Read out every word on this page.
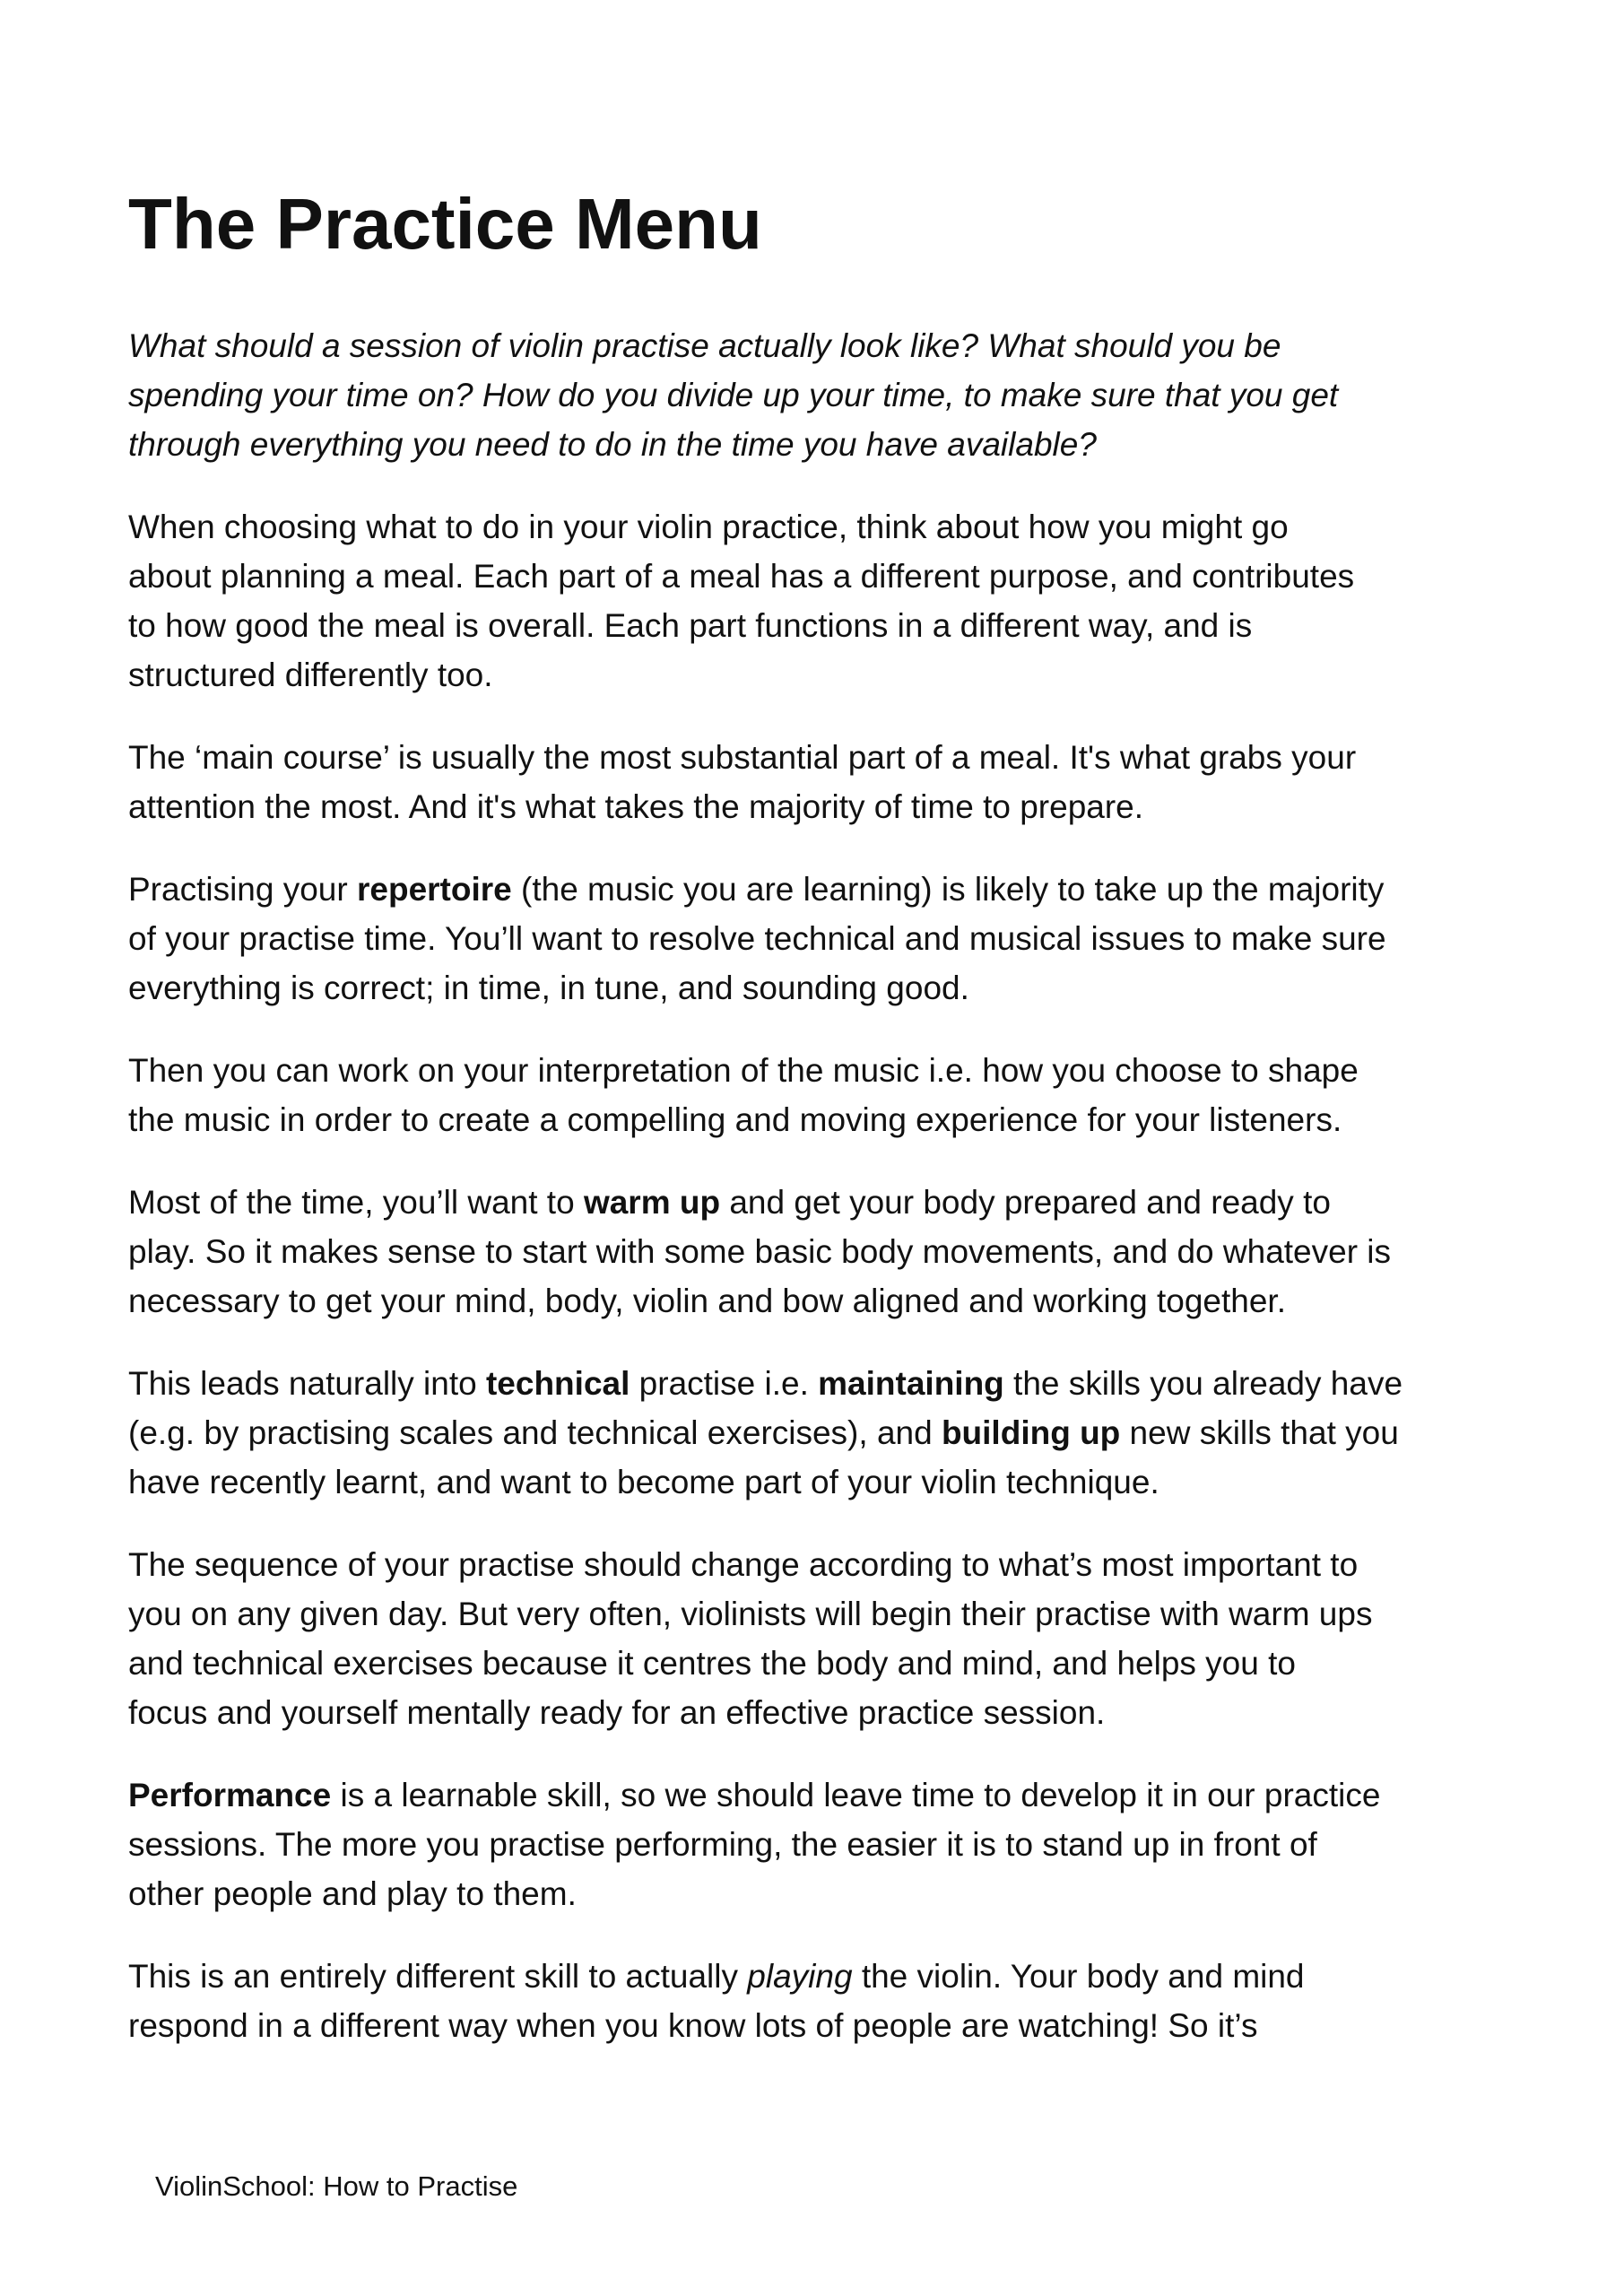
The Practice Menu

What should a session of violin practise actually look like? What should you be
spending your time on? How do you divide up your time, to make sure that you get
through everything you need to do in the time you have available?

When choosing what to do in your violin practice, think about how you might go
about planning a meal. Each part of a meal has a different purpose, and contributes
to how good the meal is overall. Each part functions in a different way, and is
structured differently too.

The ‘main course’ is usually the most substantial part of a meal. It's what grabs your
attention the most. And it's what takes the majority of time to prepare.

Practising your repertoire (the music you are learning) is likely to take up the majority
of your practise time. You’ll want to resolve technical and musical issues to make sure
everything is correct; in time, in tune, and sounding good.

Then you can work on your interpretation of the music i.e. how you choose to shape
the music in order to create a compelling and moving experience for your listeners.

Most of the time, you’ll want to warm up and get your body prepared and ready to
play. So it makes sense to start with some basic body movements, and do whatever is
necessary to get your mind, body, violin and bow aligned and working together.

This leads naturally into technical practise i.e. maintaining the skills you already have
(e.g. by practising scales and technical exercises), and building up new skills that you
have recently learnt, and want to become part of your violin technique.

The sequence of your practise should change according to what’s most important to
you on any given day. But very often, violinists will begin their practise with warm ups
and technical exercises because it centres the body and mind, and helps you to
focus and yourself mentally ready for an effective practice session.

Performance is a learnable skill, so we should leave time to develop it in our practice
sessions. The more you practise performing, the easier it is to stand up in front of
other people and play to them.

This is an entirely different skill to actually playing the violin. Your body and mind
respond in a different way when you know lots of people are watching! So it’s

ViolinSchool: How to Practise
